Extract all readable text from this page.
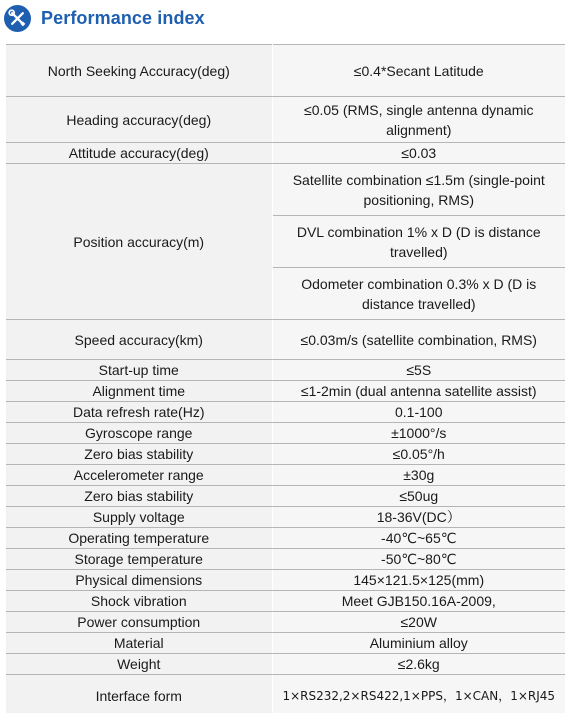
Performance index
North Seeking Accuracy(deg)	≤0.4*Secant Latitude
Heading accuracy(deg)	≤0.05 (RMS, single antenna dynamic alignment)
Attitude accuracy(deg)	≤0.03
Position accuracy(m)	Satellite combination ≤1.5m (single-point positioning, RMS)
	DVL combination 1% x D (D is distance travelled)
	Odometer combination 0.3% x D (D is distance travelled)
Speed accuracy(km)	≤0.03m/s (satellite combination, RMS)
Start-up time	≤5S
Alignment time	≤1-2min (dual antenna satellite assist)
Data refresh rate(Hz)	0.1-100
Gyroscope range	±1000°/s
Zero bias stability	≤0.05°/h
Accelerometer range	±30g
Zero bias stability	≤50ug
Supply voltage	18-36V(DC）
Operating temperature	-40℃~65℃
Storage temperature	-50℃~80℃
Physical dimensions	145×121.5×125(mm)
Shock vibration	Meet GJB150.16A-2009,
Power consumption	≤20W
Material	Aluminium alloy
Weight	≤2.6kg
Interface form	1×RS232,2×RS422,1×PPS，1×CAN，1×RJ45
